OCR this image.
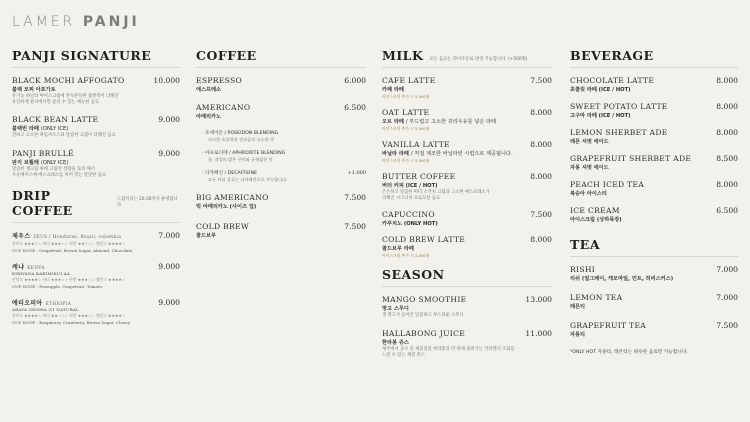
LAMER PANJI
PANJI SIGNATURE
BLACK MOCHI AFFOGATO	10.000
블랙 모찌 아포가토
유기농 바닐라 아이스크림에 쫀득쫀득한 찹쌀떡이 더해진
유일하게 판지에서만 즐길 수 있는 메뉴한 음료
BLACK BEAN LATTE	9.000
블랙빈 라떼 (ONLY ICE)
진하고 고소한 흑임자소스와 달콤한 크림이 더해진 음료
PANJI BRULLÉ	9.000
판지 브륄레 (ONLY ICE)
달콤한 생크림 위에 크림런 설탕을 토치 해서
우유베이스에 에스프레소를 처어 먹는 달달한 음료
DRIP COFFEE
드립커피는 20:30까지 운영합니다.
제우스 ZEUS / Honduras, Brazil, colombia	7.000
산미도 ★★★☆☆ 바디 ★★★☆☆ 단맛 ★★☆☆☆ 밸런스 ★★★★☆
CUP NOTE : Grapefruit, Brown Sugar, Almond, Chocolate
케냐 KENYA	9.000
KIRIYAGA KARIMIKUI AA
산미도 ★★★★☆ 바디 ★★★☆☆ 단맛 ★★★☆☆ 밸런스 ★★★★☆
CUP NOTE : Pineapple, Grapefruit, Tomato
에티오피아 ETHIOPIA	9.000
ABAYA GEISHA G1 NATURAL
산미도 ★★★★☆ 바디 ★★☆☆☆ 단맛 ★★★☆☆ 밸런스 ★★★★☆
CUP NOTE : Raspberry, Cranberry, Brown Sugar, Cherry
COFFEE
ESPRESSO	6.000
에스프레소
AMERICANO	6.500
아메리카노
· 포세이돈 / POSEIDON BLENDING
다크한 초콜릿과 견과류의 고소한 맛
· 아프로디테 / APHRODITE BLENDING
꽃, 과일의 밝은 산미와 균형잡힌 맛
· 디카페인 / DECAFFEINE	+1.000
모든 커피 음료는 디카페인으로 가능합니다.
BIG AMERICANO	7.500
빅 아메리카노 (사이즈 업)
COLD BREW	7.500
콜드브루
MILK 모든 음료는 라이우유로 변경 가능합니다. (+500원)
CAFE LATTE	7.500
카페 라떼
아이스크림 추가 시 2,000원
OAT LATTE	8.000
오트 라떼 / 부드럽고 고소한 귀리우유를 넣은 라떼
아이스크림 추가 시 2,000원
VANILLA LATTE	8.000
바닐라 라떼 / 직접 제조한 바닐라빈 시럽으로 제공됩니다.
아이스크림 추가 시 2,000원
BUTTER COFFEE	8.000
버터 커피 (ICE / HOT)
은은하고 달콤한 버터 스카치 크림과 고소한 에스프레소가
더해진 시그니처 프로모션 음료
CAPUCCINO	7.500
카푸치노 (ONLY HOT)
COLD BREW LATTE	8.000
콜드브루 라떼
아이스크림 추가 시 2,000원
SEASON
MANGO SMOOTHIE	13.000
망고 스무디
생 망고가 들어간 달콤하고 부드러운 스무디
HALLABONG JUICE	11.000
한라봉 쥬스
제주에서 공수 된 새콤달콤 한라봉과 민 위에 올려가는 카라멜의 조화를
느낄 수 있는 계절 쥬스
BEVERAGE
CHOCOLATE LATTE	8.000
초콜릿 라떼 (ICE / HOT)
SWEET POTATO LATTE	8.000
고구마 라떼 (ICE / HOT)
LEMON SHERBET ADE	8.000
레몬 셔벗 에이드
GRAPEFRUIT SHERBET ADE	8.500
자몽 셔벗 에이드
PEACH ICED TEA	8.000
복숭아 아이스티
ICE CREAM	6.500
아이스크림 (상하목장)
TEA
RISHI	7.000
리쉬 (얼그레이, 캐모마일, 민트, 히비스커스)
LEMON TEA	7.000
레몬티
GRAPEFRUIT TEA	7.500
자몽티
*ONLY HOT 자몽티, 레몬티는 따뜻한 음료만 가능합니다.
